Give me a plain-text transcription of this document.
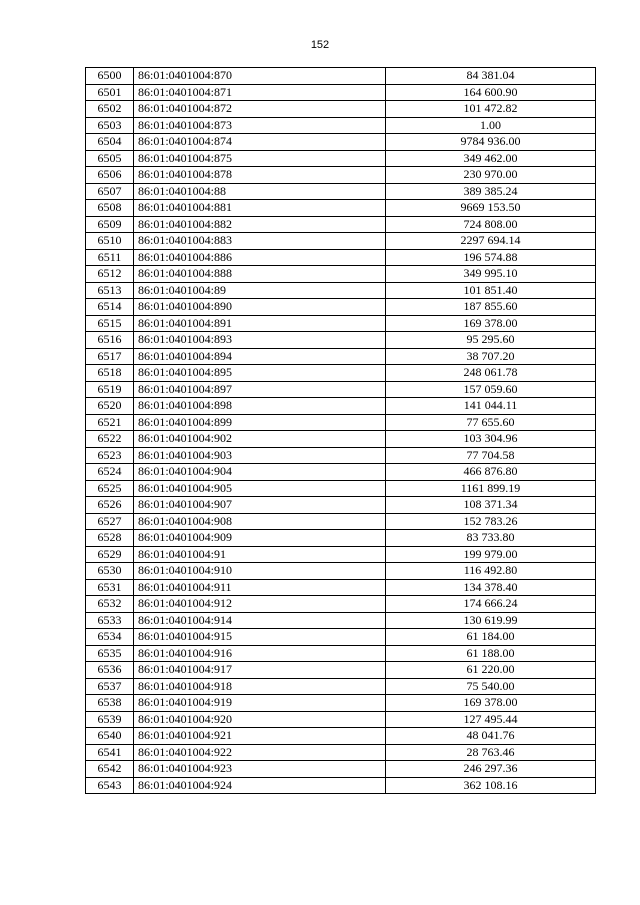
152
6500	86:01:0401004:870	84 381.04
6501	86:01:0401004:871	164 600.90
6502	86:01:0401004:872	101 472.82
6503	86:01:0401004:873	1.00
6504	86:01:0401004:874	9784 936.00
6505	86:01:0401004:875	349 462.00
6506	86:01:0401004:878	230 970.00
6507	86:01:0401004:88	389 385.24
6508	86:01:0401004:881	9669 153.50
6509	86:01:0401004:882	724 808.00
6510	86:01:0401004:883	2297 694.14
6511	86:01:0401004:886	196 574.88
6512	86:01:0401004:888	349 995.10
6513	86:01:0401004:89	101 851.40
6514	86:01:0401004:890	187 855.60
6515	86:01:0401004:891	169 378.00
6516	86:01:0401004:893	95 295.60
6517	86:01:0401004:894	38 707.20
6518	86:01:0401004:895	248 061.78
6519	86:01:0401004:897	157 059.60
6520	86:01:0401004:898	141 044.11
6521	86:01:0401004:899	77 655.60
6522	86:01:0401004:902	103 304.96
6523	86:01:0401004:903	77 704.58
6524	86:01:0401004:904	466 876.80
6525	86:01:0401004:905	1161 899.19
6526	86:01:0401004:907	108 371.34
6527	86:01:0401004:908	152 783.26
6528	86:01:0401004:909	83 733.80
6529	86:01:0401004:91	199 979.00
6530	86:01:0401004:910	116 492.80
6531	86:01:0401004:911	134 378.40
6532	86:01:0401004:912	174 666.24
6533	86:01:0401004:914	130 619.99
6534	86:01:0401004:915	61 184.00
6535	86:01:0401004:916	61 188.00
6536	86:01:0401004:917	61 220.00
6537	86:01:0401004:918	75 540.00
6538	86:01:0401004:919	169 378.00
6539	86:01:0401004:920	127 495.44
6540	86:01:0401004:921	48 041.76
6541	86:01:0401004:922	28 763.46
6542	86:01:0401004:923	246 297.36
6543	86:01:0401004:924	362 108.16
